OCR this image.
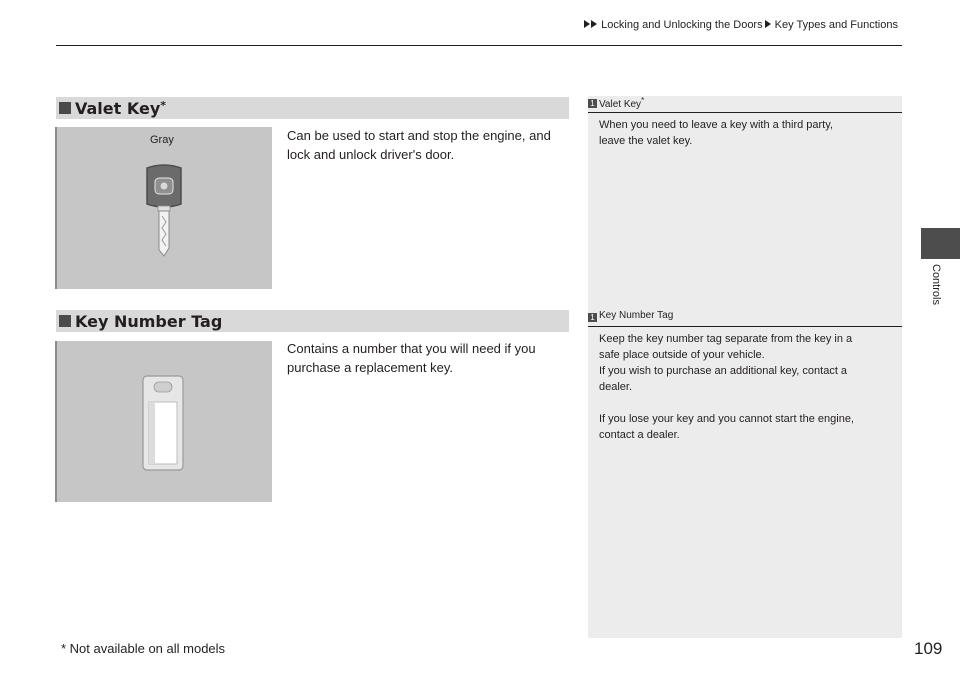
Locking and Unlocking the Doors Key Types and Functions
Controls
Valet Key*
Gray	Can be used to start and stop the engine, and
lock and unlock driver's door.
1 Valet Key*
When you need to leave a key with a third party,
leave the valet key.
Key Number Tag
Contains a number that you will need if you
purchase a replacement key.
1 Key Number Tag
Keep the key number tag separate from the key in a
safe place outside of your vehicle.
If you wish to purchase an additional key, contact a
dealer.
If you lose your key and you cannot start the engine,
contact a dealer.
* Not available on all models	109
